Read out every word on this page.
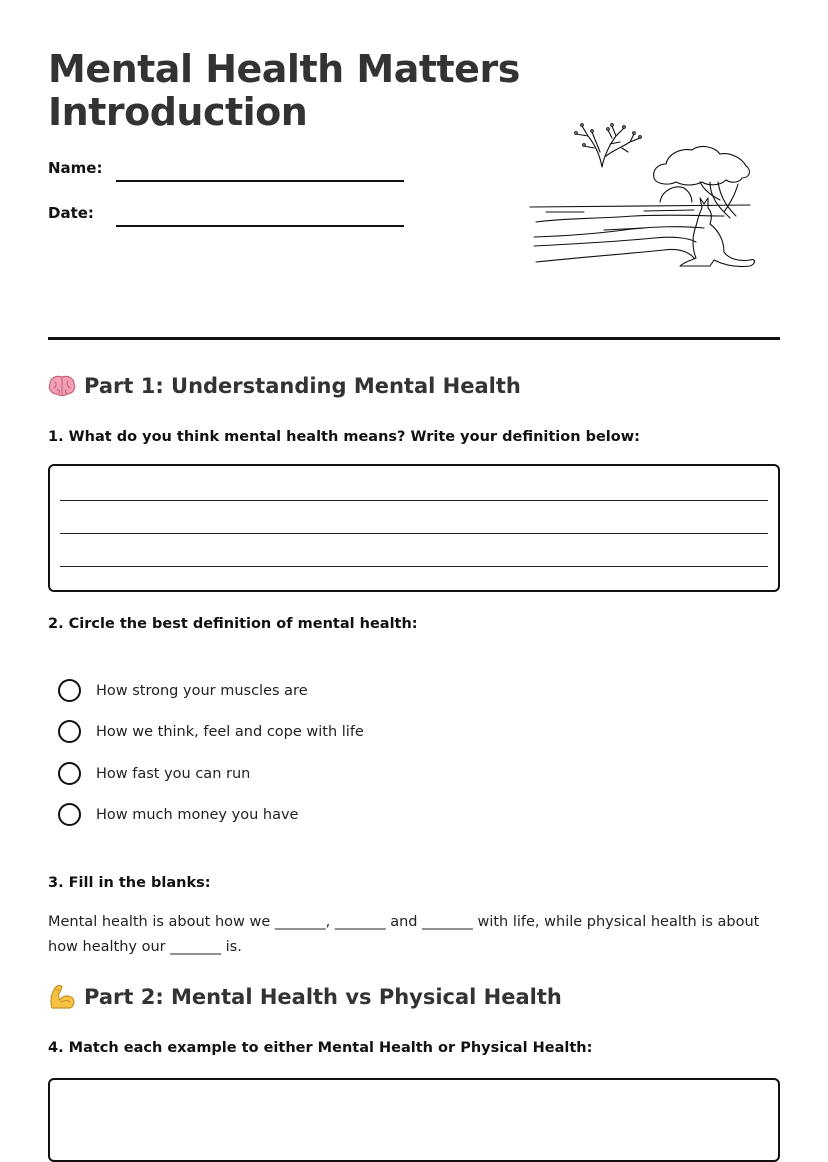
Mental Health Matters
Introduction
Name:
Date:
Part 1: Understanding Mental Health
1. What do you think mental health means? Write your definition below:
2. Circle the best definition of mental health:
How strong your muscles are
How we think, feel and cope with life
How fast you can run
How much money you have
3. Fill in the blanks:

Mental health is about how we _______, _______ and _______ with life, while physical health is about how healthy our _______ is.

Part 2: Mental Health vs Physical Health
4. Match each example to either Mental Health or Physical Health:
